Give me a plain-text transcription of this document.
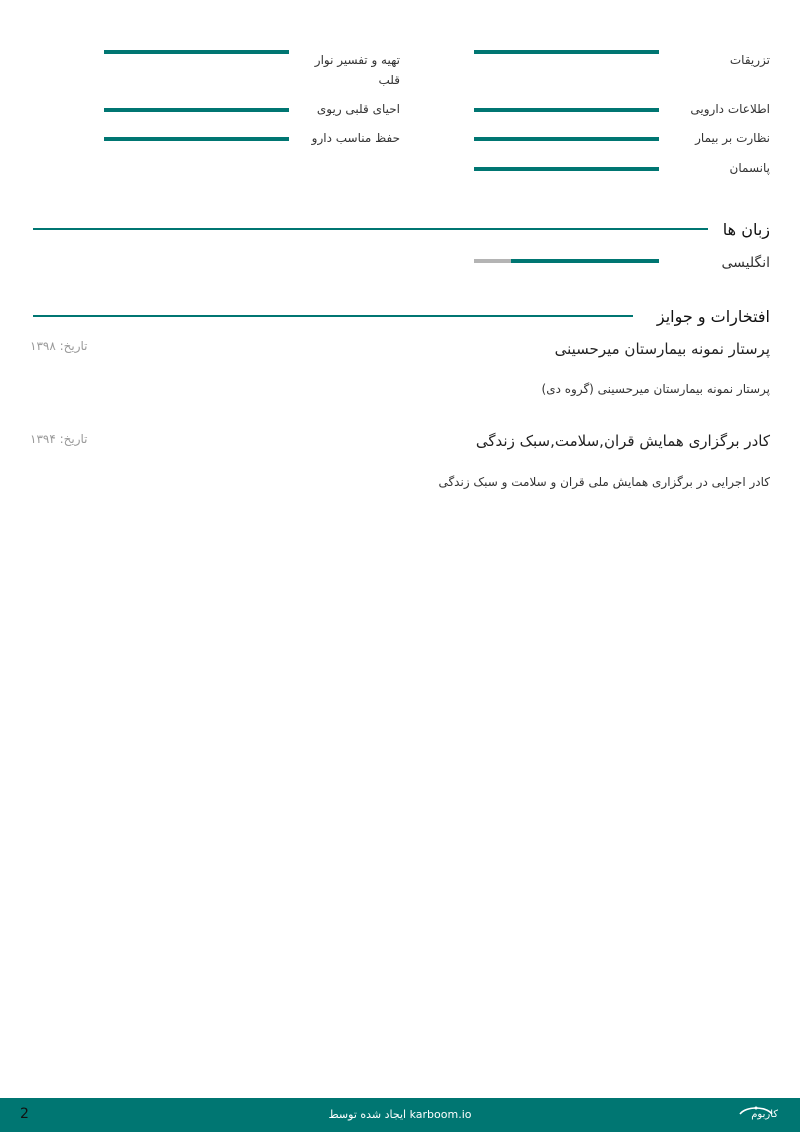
تزریقات
اطلاعات دارویی
نظارت بر بیمار
پانسمان
تهیه و تفسیر نوار قلب
احیای قلبی ریوی
حفظ مناسب دارو
زبان ها
انگلیسی
افتخارات و جوایز
پرستار نمونه بیمارستان میرحسینی
تاریخ: ۱۳۹۸
پرستار نمونه بیمارستان میرحسینی (گروه دی)
کادر برگزاری همایش قران,سلامت,سبک زندگی
تاریخ: ۱۳۹۴
کادر اجرایی در برگزاری همایش ملی قران و سلامت و سبک زندگی
2	ایجاد شده توسط karboom.io	کاربوم
